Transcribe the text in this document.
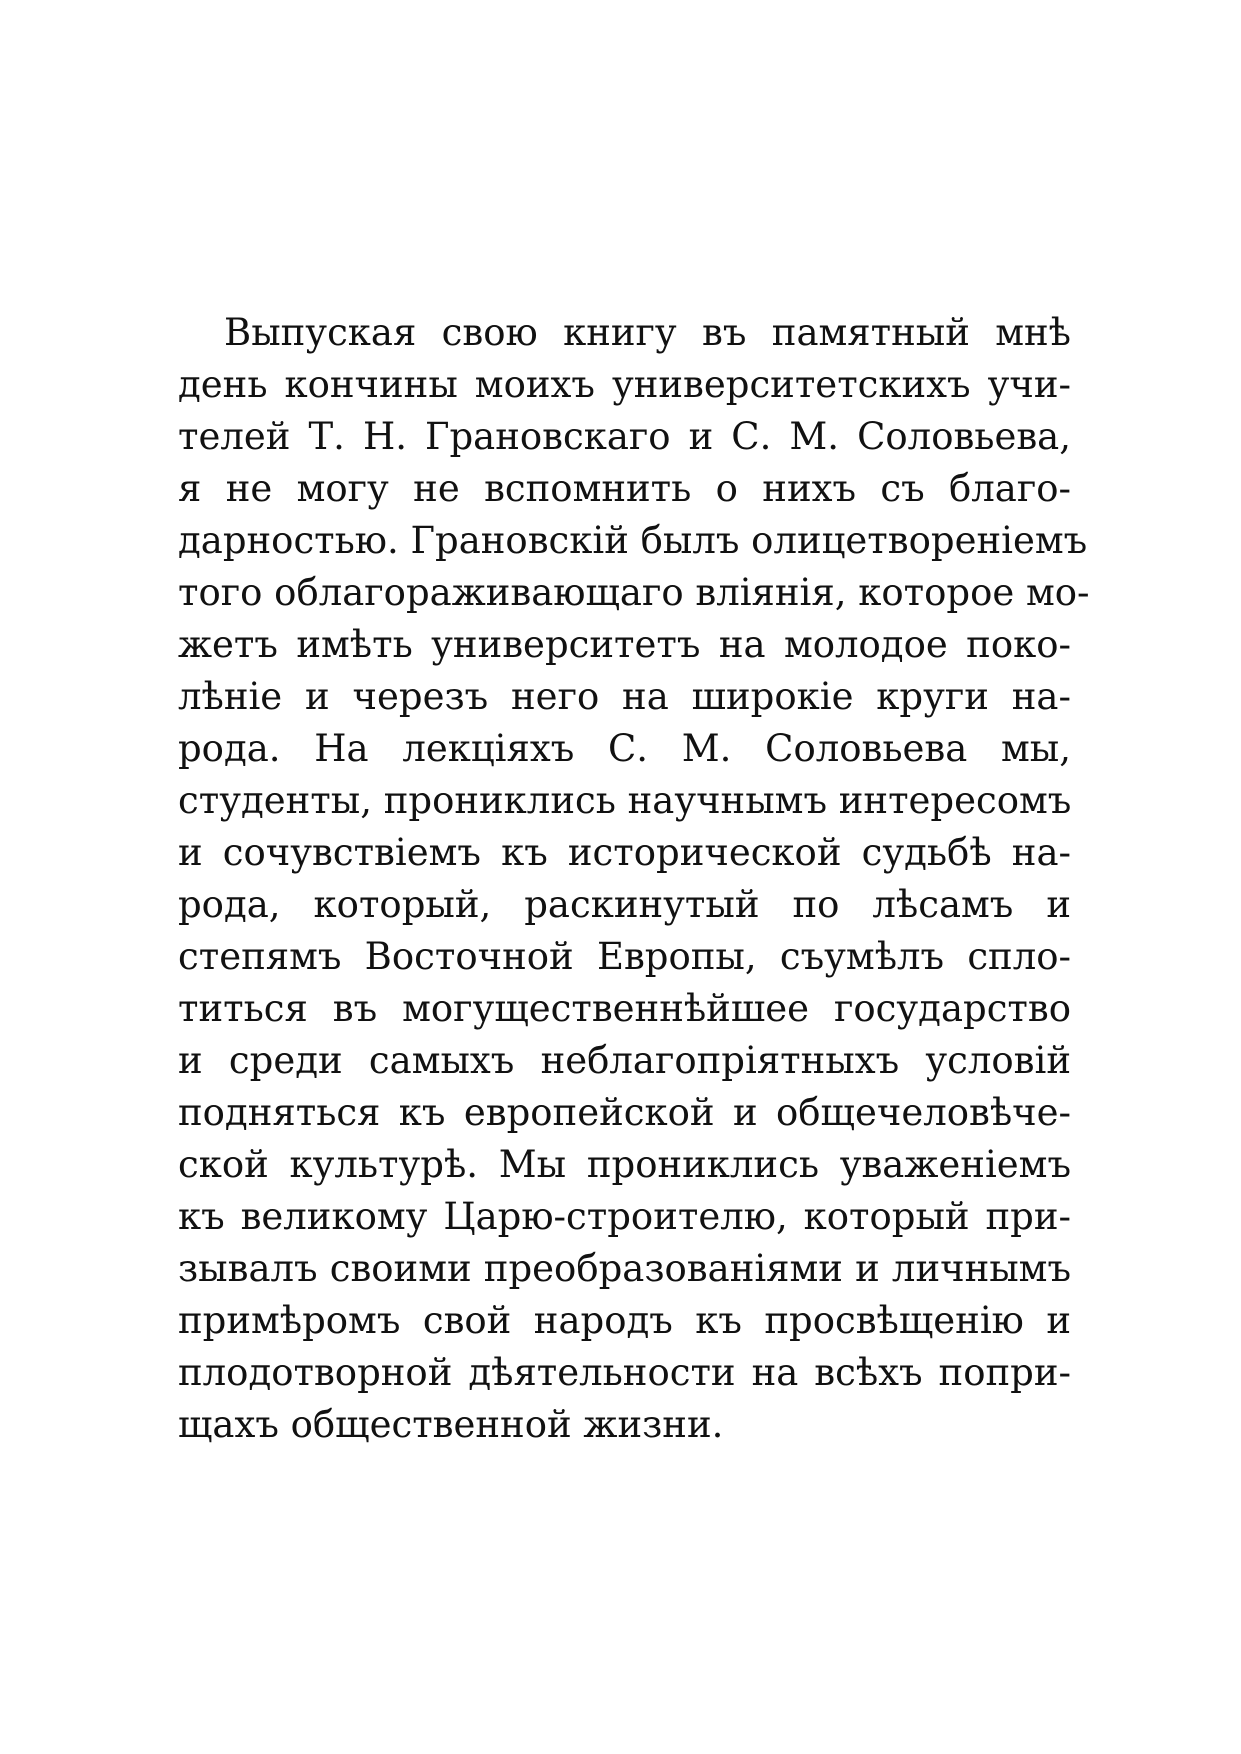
Выпуская свою книгу въ памятный мнѣ
день кончины моихъ университетскихъ учи-
телей Т. Н. Грановскаго и С. М. Соловьева,
я не могу не вспомнить о нихъ съ благо-
дарностью. Грановскій былъ олицетвореніемъ
того облагораживающаго вліянія, которое мо-
жетъ имѣть университетъ на молодое поко-
лѣніе и черезъ него на широкіе круги на-
рода. На лекціяхъ С. М. Соловьева мы,
студенты, прониклись научнымъ интересомъ
и сочувствіемъ къ исторической судьбѣ на-
рода, который, раскинутый по лѣсамъ и
степямъ Восточной Европы, съумѣлъ спло-
титься въ могущественнѣйшее государство
и среди самыхъ неблагопріятныхъ условій
подняться къ европейской и общечеловѣче-
ской культурѣ. Мы прониклись уваженіемъ
къ великому Царю-строителю, который при-
зывалъ своими преобразованіями и личнымъ
примѣромъ свой народъ къ просвѣщенію и
плодотворной дѣятельности на всѣхъ попри-
щахъ общественной жизни.
